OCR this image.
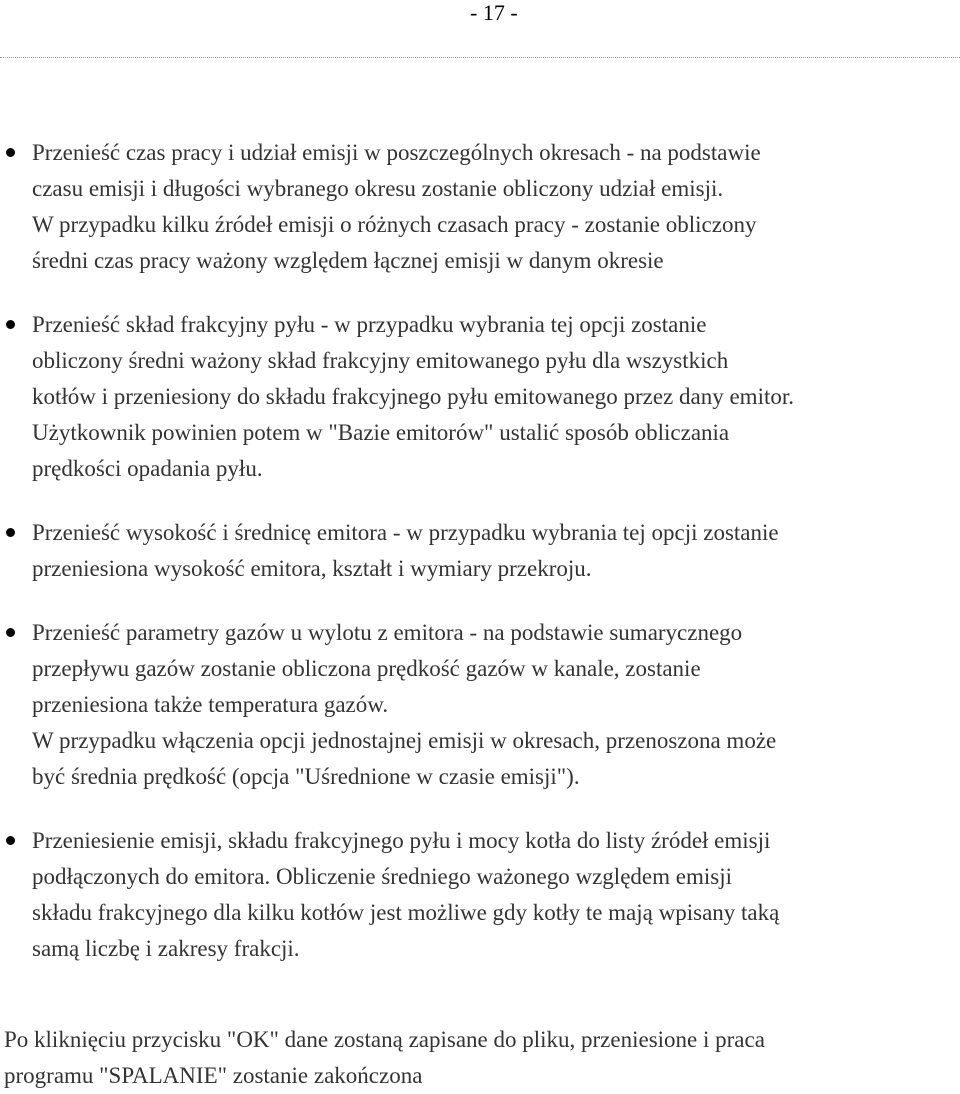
- 17 -
Przenieść czas pracy i udział emisji w poszczególnych okresach - na podstawie
czasu emisji i długości wybranego okresu zostanie obliczony udział emisji.
W przypadku kilku źródeł emisji o różnych czasach pracy - zostanie obliczony
średni czas pracy ważony względem łącznej emisji w danym okresie
Przenieść skład frakcyjny pyłu - w przypadku wybrania tej opcji zostanie
obliczony średni ważony skład frakcyjny emitowanego pyłu dla wszystkich
kotłów i przeniesiony do składu frakcyjnego pyłu emitowanego przez dany emitor.
Użytkownik powinien potem w "Bazie emitorów" ustalić sposób obliczania
prędkości opadania pyłu.
Przenieść wysokość i średnicę emitora - w przypadku wybrania tej opcji zostanie
przeniesiona wysokość emitora, kształt i wymiary przekroju.
Przenieść parametry gazów u wylotu z emitora - na podstawie sumarycznego
przepływu gazów zostanie obliczona prędkość gazów w kanale, zostanie
przeniesiona także temperatura gazów.
W przypadku włączenia opcji jednostajnej emisji w okresach, przenoszona może
być średnia prędkość (opcja "Uśrednione w czasie emisji").
Przeniesienie emisji, składu frakcyjnego pyłu i mocy kotła do listy źródeł emisji
podłączonych do emitora. Obliczenie średniego ważonego względem emisji
składu frakcyjnego dla kilku kotłów jest możliwe gdy kotły te mają wpisany taką
samą liczbę i zakresy frakcji.
Po kliknięciu przycisku "OK" dane zostaną zapisane do pliku, przeniesione i praca
programu "SPALANIE" zostanie zakończona
